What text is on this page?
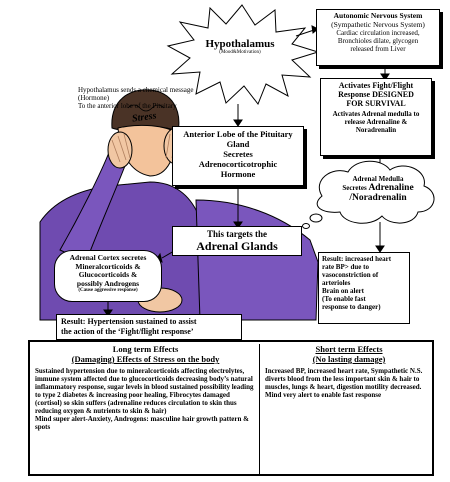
Hypothalamus
(Mood&Motivation)
Autonomic Nervous System
(Sympathetic Nervous System)
Cardiac circulation increased,
Bronchioles dilate, glycogen
released from Liver
Hypothalamus sends a chemical message
(Hormone)
To the anterior lobe of the Pituitary
Activates Fight/Flight
Response DESIGNED
FOR SURVIVAL
Activates Adrenal medulla to
release Adrenaline &
Noradrenalin
Stress
Anterior Lobe of the Pituitary
Gland
Secretes
Adrenocorticotrophic
Hormone	Adrenal Medulla
Secretes Adrenaline
/Noradrenalin
This targets the
Adrenal Glands
Adrenal Cortex secretes
Mineralcorticoids &
Glucocorticoids &
possibly Androgens
(Cause aggressive response)
Result: increased heart
rate BP> due to
vasoconstriction of
arterioles
Brain on alert
(To enable fast
response to danger)
Result: Hypertension sustained to assist
the action of the ‘Fight/flight response’
Long term Effects
(Damaging) Effects of Stress on the body
Sustained hypertension due to mineralcorticoids affecting electrolytes, immune system affected due to glucocorticoids decreasing body’s natural inflammatory response, sugar levels in blood sustained possibility leading to type 2 diabetes & increasing poor healing, Fibrocytes damaged (cortisol) so skin suffers (adrenaline reduces circulation to skin thus reducing oxygen & nutrients to skin & hair)
Mind super alert-Anxiety, Androgens: masculine hair growth pattern & spots
Short term Effects
(No lasting damage)
Increased BP, increased heart rate, Sympathetic N.S. diverts blood from the less important skin & hair to muscles, lungs & heart, digestion motility decreased. Mind very alert to enable fast response
